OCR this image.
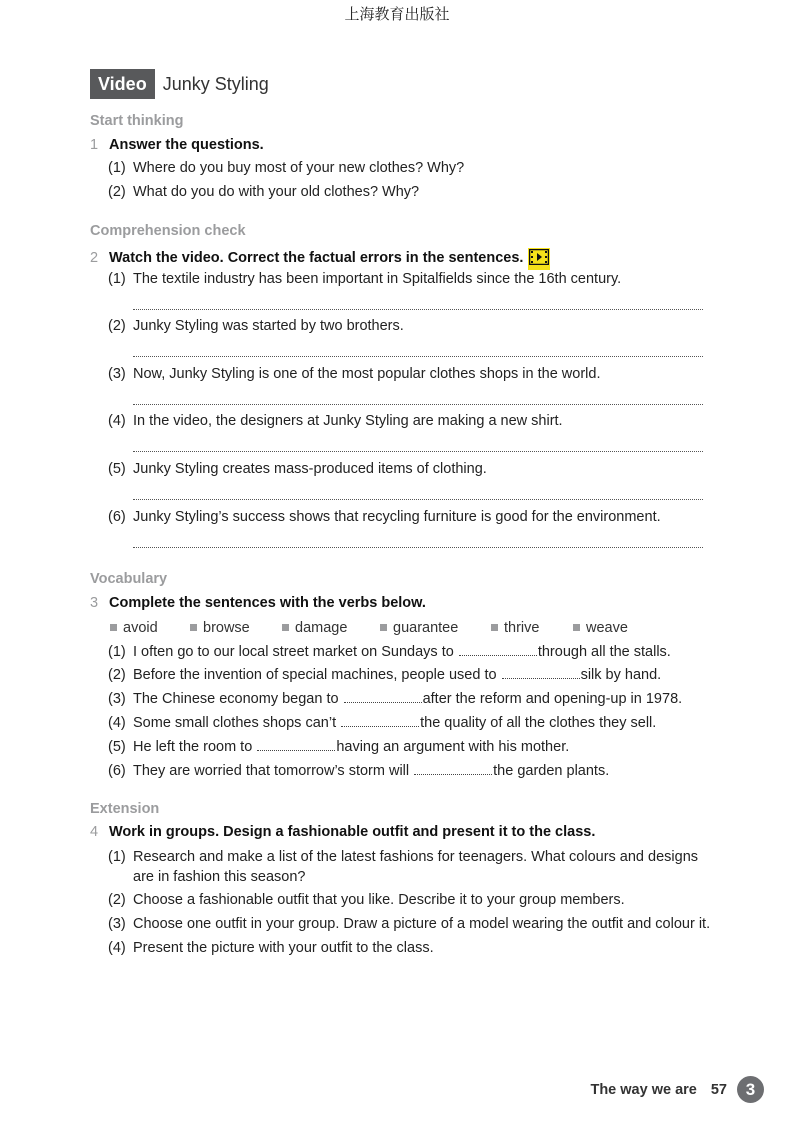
上海教育出版社
Video Junky Styling
Start thinking
1 Answer the questions.
(1) Where do you buy most of your new clothes? Why?
(2) What do you do with your old clothes? Why?
Comprehension check
2 Watch the video. Correct the factual errors in the sentences.
(1) The textile industry has been important in Spitalfields since the 16th century.
(2) Junky Styling was started by two brothers.
(3) Now, Junky Styling is one of the most popular clothes shops in the world.
(4) In the video, the designers at Junky Styling are making a new shirt.
(5) Junky Styling creates mass-produced items of clothing.
(6) Junky Styling’s success shows that recycling furniture is good for the environment.
Vocabulary
3 Complete the sentences with the verbs below.
avoid	browse	damage	guarantee	thrive	weave
(1) I often go to our local street market on Sundays to	through all the stalls.
(2) Before the invention of special machines, people used to	silk by hand.
(3) The Chinese economy began to	after the reform and opening-up in 1978.
(4) Some small clothes shops can’t	the quality of all the clothes they sell.
(5) He left the room to	having an argument with his mother.
(6) They are worried that tomorrow’s storm will	the garden plants.
Extension
4 Work in groups. Design a fashionable outfit and present it to the class.
(1) Research and make a list of the latest fashions for teenagers. What colours and designs are in fashion this season?
(2) Choose a fashionable outfit that you like. Describe it to your group members.
(3) Choose one outfit in your group. Draw a picture of a model wearing the outfit and colour it.
(4) Present the picture with your outfit to the class.
The way we are 57	3
